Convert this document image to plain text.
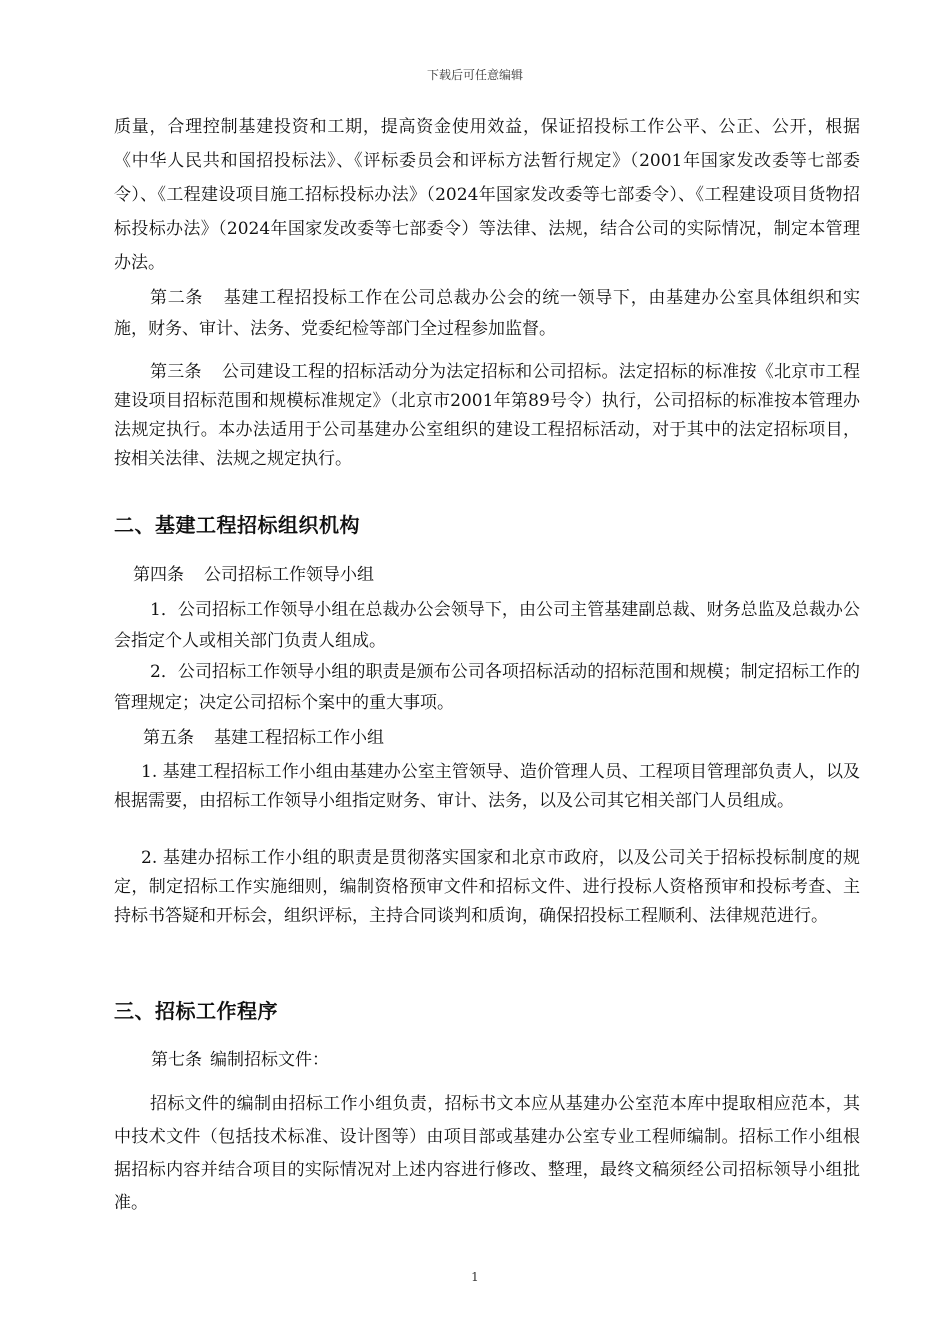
下载后可任意编辑

质量，合理控制基建投资和工期，提高资金使用效益，保证招投标工作公平、公正、公开，根据《中华人民共和国招投标法》、《评标委员会和评标方法暂行规定》（2001年国家发改委等七部委令）、《工程建设项目施工招标投标办法》（2024年国家发改委等七部委令）、《工程建设项目货物招标投标办法》（2024年国家发改委等七部委令）等法律、法规，结合公司的实际情况，制定本管理办法。

第二条 基建工程招投标工作在公司总裁办公会的统一领导下，由基建办公室具体组织和实施，财务、审计、法务、党委纪检等部门全过程参加监督。

第三条 公司建设工程的招标活动分为法定招标和公司招标。法定招标的标准按《北京市工程建设项目招标范围和规模标准规定》（北京市2001年第89号令）执行，公司招标的标准按本管理办法规定执行。本办法适用于公司基建办公室组织的建设工程招标活动，对于其中的法定招标项目，按相关法律、法规之规定执行。

二、基建工程招标组织机构
第四条 公司招标工作领导小组

1．公司招标工作领导小组在总裁办公会领导下，由公司主管基建副总裁、财务总监及总裁办公会指定个人或相关部门负责人组成。

2．公司招标工作领导小组的职责是颁布公司各项招标活动的招标范围和规模；制定招标工作的管理规定；决定公司招标个案中的重大事项。

第五条 基建工程招标工作小组

1. 基建工程招标工作小组由基建办公室主管领导、造价管理人员、工程项目管理部负责人，以及根据需要，由招标工作领导小组指定财务、审计、法务，以及公司其它相关部门人员组成。

2. 基建办招标工作小组的职责是贯彻落实国家和北京市政府，以及公司关于招标投标制度的规定，制定招标工作实施细则，编制资格预审文件和招标文件、进行投标人资格预审和投标考查、主持标书答疑和开标会，组织评标，主持合同谈判和质询，确保招投标工程顺利、法律规范进行。

三、招标工作程序
第七条 编制招标文件：

招标文件的编制由招标工作小组负责，招标书文本应从基建办公室范本库中提取相应范本，其中技术文件（包括技术标准、设计图等）由项目部或基建办公室专业工程师编制。招标工作小组根据招标内容并结合项目的实际情况对上述内容进行修改、整理，最终文稿须经公司招标领导小组批准。

1
